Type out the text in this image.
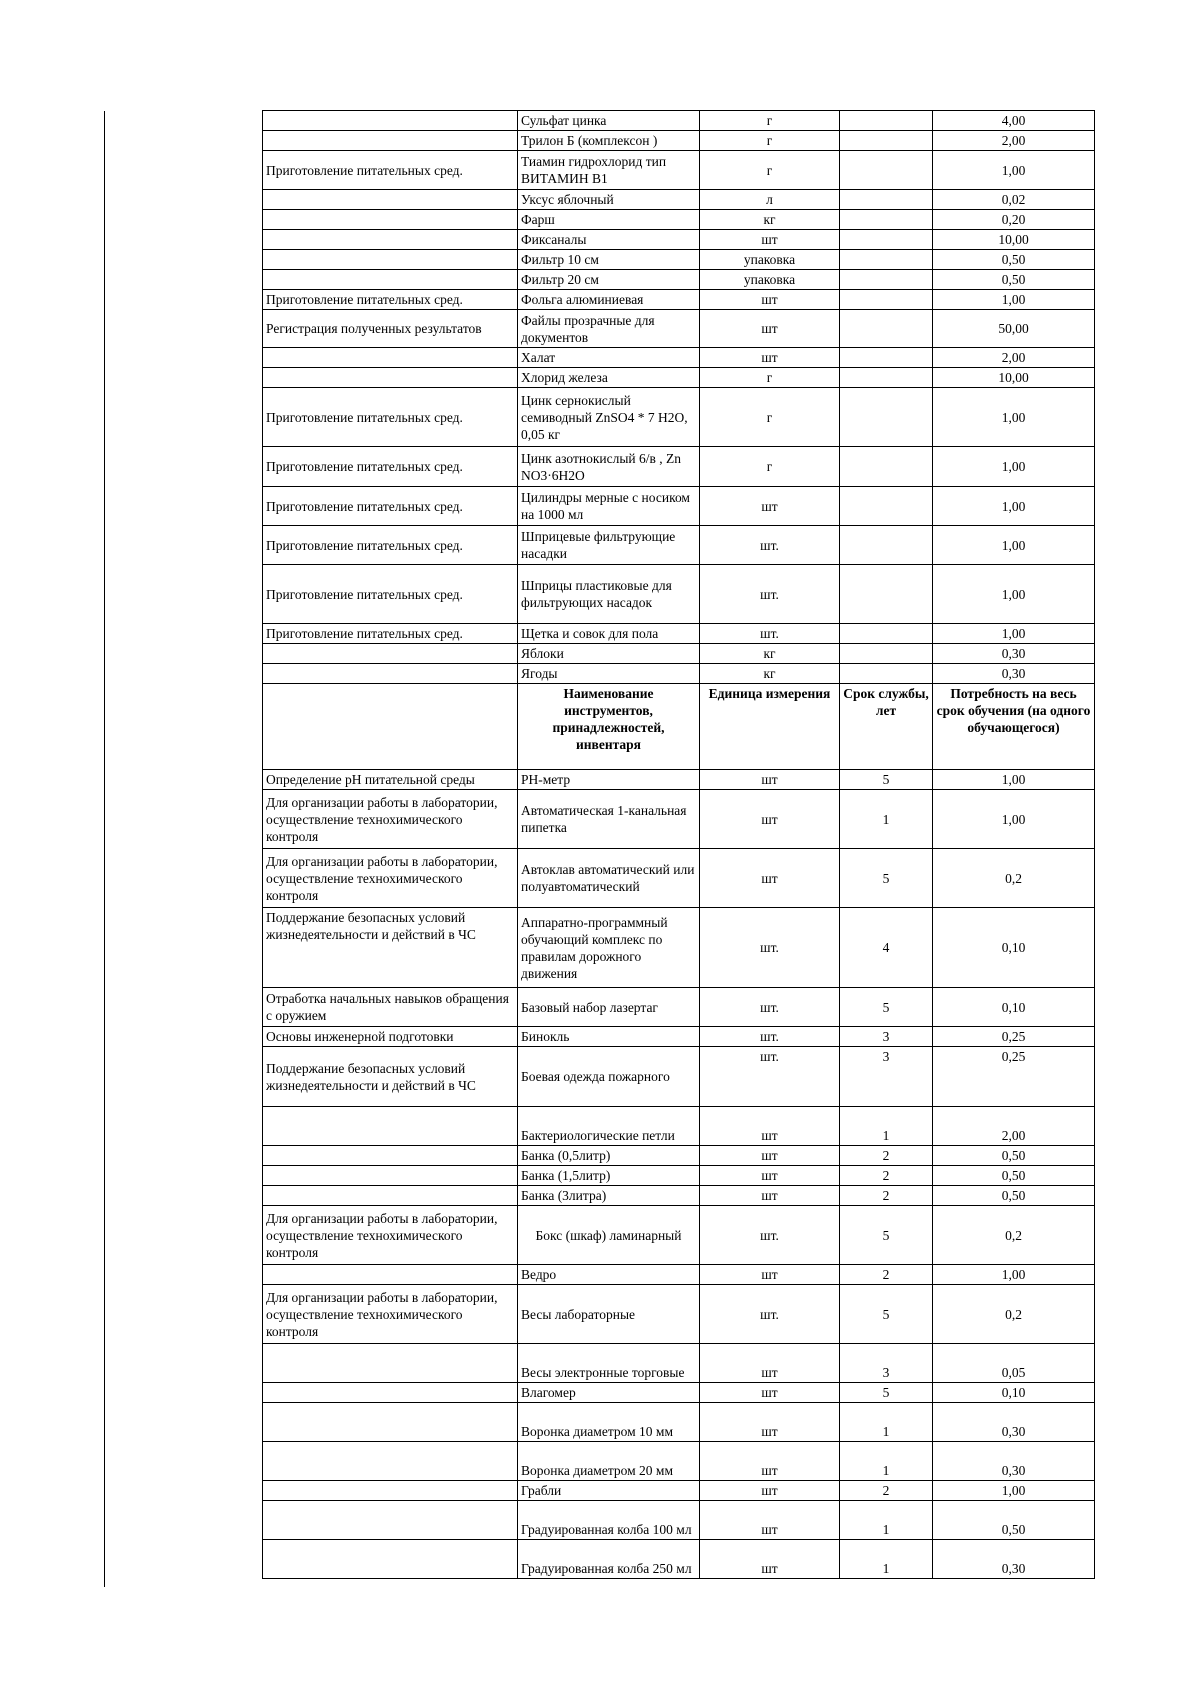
	Сульфат цинка	г		4,00
	Трилон Б (комплексон )	г		2,00
Приготовление питательных сред.	Тиамин гидрохлорид тип ВИТАМИН В1	г		1,00
	Уксус яблочный	л		0,02
	Фарш	кг		0,20
	Фиксаналы	шт		10,00
	Фильтр 10 см	упаковка		0,50
	Фильтр 20 см	упаковка		0,50
Приготовление питательных сред.	Фольга алюминиевая	шт		1,00
Регистрация полученных результатов	Файлы прозрачные для документов	шт		50,00
	Халат	шт		2,00
	Хлорид железа	г		10,00
Приготовление питательных сред.	Цинк сернокислый семиводный ZnSO4 * 7 H2O, 0,05 кг	г		1,00
Приготовление питательных сред.	Цинк азотнокислый 6/в , Zn NO3·6H2O	г		1,00
Приготовление питательных сред.	Цилиндры мерные с носиком на 1000 мл	шт		1,00
Приготовление питательных сред.	Шприцевые фильтрующие насадки	шт.		1,00
Приготовление питательных сред.	Шприцы пластиковые для фильтрующих насадок	шт.		1,00
Приготовление питательных сред.	Щетка и совок для пола	шт.		1,00
	Яблоки	кг		0,30
	Ягоды	кг		0,30
	Наименование инструментов, принадлежностей, инвентаря	Единица измерения	Срок службы, лет	Потребность на весь срок обучения (на одного обучающегося)
Определение pH питательной среды	PH-метр	шт	5	1,00
Для организации работы в лаборатории, осуществление технохимического контроля	Автоматическая 1-канальная пипетка	шт	1	1,00
Для организации работы в лаборатории, осуществление технохимического контроля	Автоклав автоматический или полуавтоматический	шт	5	0,2
Поддержание безопасных условий жизнедеятельности и действий в ЧС	Аппаратно-программный обучающий комплекс по правилам дорожного движения	шт.	4	0,10
Отработка начальных навыков обращения с оружием	Базовый набор лазертаг	шт.	5	0,10
Основы инженерной подготовки	Бинокль	шт.	3	0,25
Поддержание безопасных условий жизнедеятельности и действий в ЧС	Боевая одежда пожарного	шт.	3	0,25
	Бактериологические петли	шт	1	2,00
	Банка (0,5литр)	шт	2	0,50
	Банка (1,5литр)	шт	2	0,50
	Банка (3литра)	шт	2	0,50
Для организации работы в лаборатории, осуществление технохимического контроля	Бокс (шкаф) ламинарный	шт.	5	0,2
	Ведро	шт	2	1,00
Для организации работы в лаборатории, осуществление технохимического контроля	Весы лабораторные	шт.	5	0,2
	Весы электронные торговые	шт	3	0,05
	Влагомер	шт	5	0,10
	Воронка диаметром 10 мм	шт	1	0,30
	Воронка диаметром 20 мм	шт	1	0,30
	Грабли	шт	2	1,00
	Градуированная колба 100 мл	шт	1	0,50
	Градуированная колба 250 мл	шт	1	0,30
